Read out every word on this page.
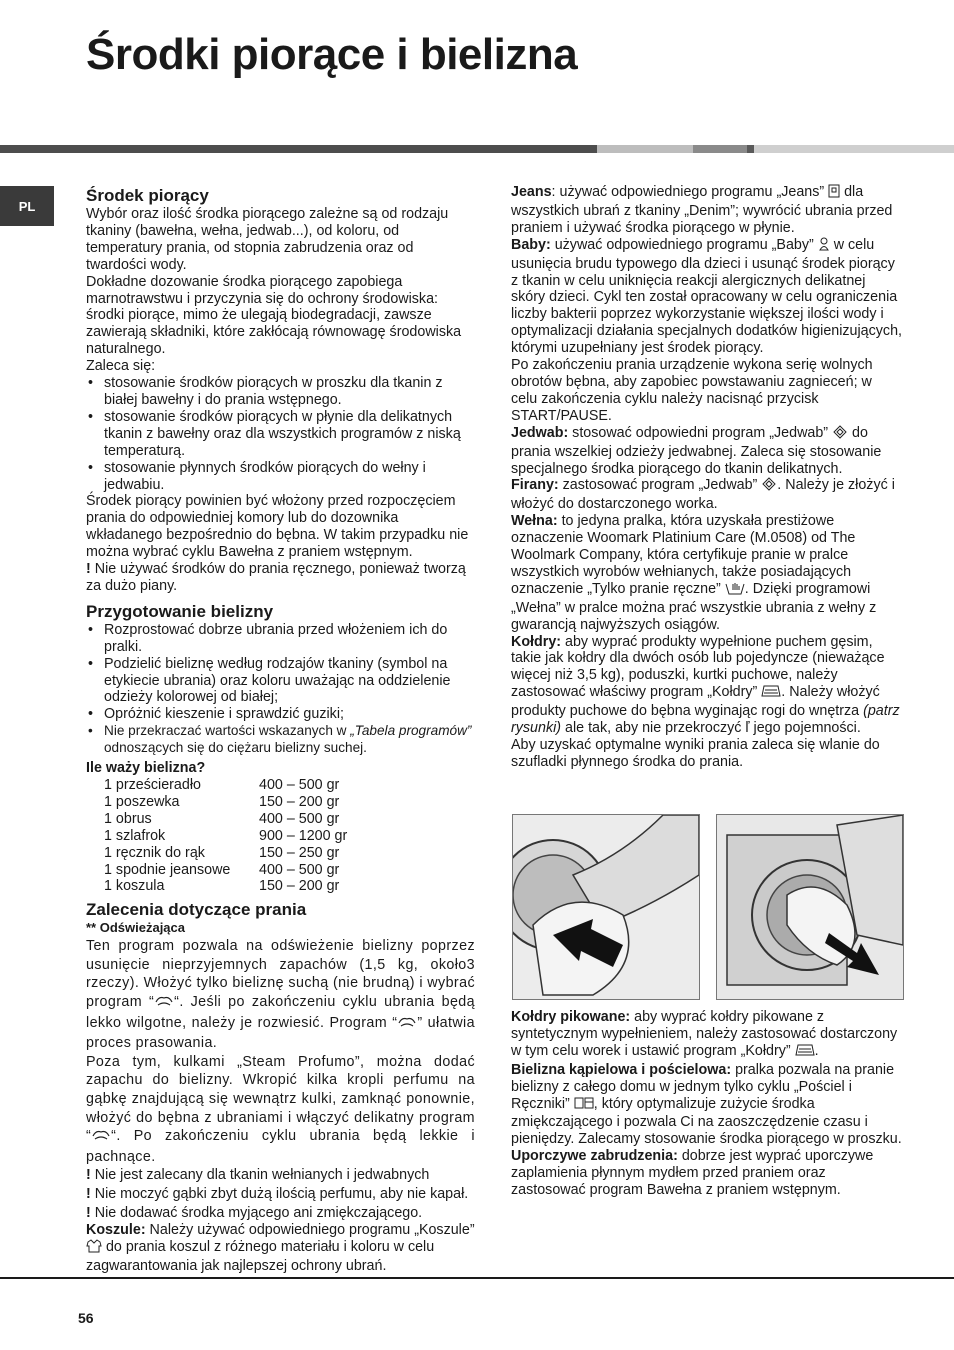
Środki piorące i bielizna
PL
Środek piorący

Wybór oraz ilość środka piorącego zależne są od rodzaju tkaniny (bawełna, wełna, jedwab...), od koloru, od temperatury prania, od stopnia zabrudzenia oraz od twardości wody.

Dokładne dozowanie środka piorącego zapobiega marnotrawstwu i przyczynia się do ochrony środowiska: środki piorące, mimo że ulegają biodegradacji, zawsze zawierają składniki, które zakłócają równowagę środowiska naturalnego.

Zaleca się:

• stosowanie środków piorących w proszku dla tkanin z białej bawełny i do prania wstępnego.

• stosowanie środków piorących w płynie dla delikatnych tkanin z bawełny oraz dla wszystkich programów z niską temperaturą.

• stosowanie płynnych środków piorących do wełny i jedwabiu.

Środek piorący powinien być włożony przed rozpoczęciem prania do odpowiedniej komory lub do dozownika wkładanego bezpośrednio do bębna. W takim przypadku nie można wybrać cyklu Bawełna z praniem wstępnym.

! Nie używać środków do prania ręcznego, ponieważ tworzą za dużo piany.

Przygotowanie bielizny

• Rozprostować dobrze ubrania przed włożeniem ich do pralki.

• Podzielić bieliznę według rodzajów tkaniny (symbol na etykiecie ubrania) oraz koloru uważając na oddzielenie odzieży kolorowej od białej;

• Opróżnić kieszenie i sprawdzić guziki;

• Nie przekraczać wartości wskazanych w „Tabela programów” odnoszących się do ciężaru bielizny suchej.

Ile waży bielizna?

1 prześcieradło	400 – 500 gr
1 poszewka	150 – 200 gr
1 obrus	400 – 500 gr
1 szlafrok	900 – 1200 gr
1 ręcznik do rąk	150 – 250 gr
1 spodnie jeansowe	400 – 500 gr
1 koszula	150 – 200 gr
Zalecenia dotyczące prania

** Odświeżająca

Ten program pozwala na odświeżenie bielizny poprzez usunięcie nieprzyjemnych zapachów (1,5 kg, około3 rzeczy). Włożyć tylko bieliznę suchą (nie brudną) i wybrać program “ “. Jeśli po zakończeniu cyklu ubrania będą lekko wilgotne, należy je rozwiesić. Program “ ” ułatwia proces prasowania.

Poza tym, kulkami „Steam Profumo”, można dodać zapachu do bielizny. Wkropić kilka kropli perfumu na gąbkę znajdującą się wewnątrz kulki, zamknąć ponownie, włożyć do bębna z ubraniami i włączyć delikatny program “ “. Po zakończeniu cyklu ubrania będą lekkie i pachnące.

! Nie jest zalecany dla tkanin wełnianych i jedwabnych

! Nie moczyć gąbki zbyt dużą ilością perfumu, aby nie kapał.

! Nie dodawać środka myjącego ani zmiękczającego.

Koszule: Należy używać odpowiedniego programu „Koszule”  do prania koszul z różnego materiału i koloru w celu zagwarantowania jak najlepszej ochrony ubrań.

Jeans: używać odpowiedniego programu „Jeans”  dla wszystkich ubrań z tkaniny „Denim”; wywrócić ubrania przed praniem i używać środka piorącego w płynie.

Baby: używać odpowiedniego programu „Baby”  w celu usunięcia brudu typowego dla dzieci i usunąć środek piorący z tkanin w celu uniknięcia reakcji alergicznych delikatnej skóry dzieci. Cykl ten został opracowany w celu ograniczenia liczby bakterii poprzez wykorzystanie większej ilości wody i optymalizacji działania specjalnych dodatków higienizujących, którymi uzupełniany jest środek piorący.

Po zakończeniu prania urządzenie wykona serię wolnych obrotów bębna, aby zapobiec powstawaniu zagnieceń; w celu zakończenia cyklu należy nacisnąć przycisk START/PAUSE.

Jedwab: stosować odpowiedni program „Jedwab”  do prania wszelkiej odzieży jedwabnej. Zaleca się stosowanie specjalnego środka piorącego do tkanin delikatnych.

Firany: zastosować program „Jedwab” . Należy je złożyć i włożyć do dostarczonego worka.

Wełna: to jedyna pralka, która uzyskała prestiżowe oznaczenie Woomark Platinium Care (M.0508) od The Woolmark Company, która certyfikuje pranie w pralce wszystkich wyrobów wełnianych, także posiadających oznaczenie „Tylko pranie ręczne” . Dzięki programowi „Wełna” w pralce można prać wszystkie ubrania z wełny z gwarancją najwyższych osiągów.

Kołdry: aby wyprać produkty wypełnione puchem gęsim, takie jak kołdry dla dwóch osób lub pojedyncze (nieważące więcej niż 3,5 kg), poduszki, kurtki puchowe, należy zastosować właściwy program „Kołdry” . Należy włożyć produkty puchowe do bębna wyginając rogi do wnętrza (patrz rysunki) ale tak, aby nie przekroczyć ľ jego pojemności.

Aby uzyskać optymalne wyniki prania zaleca się wlanie do szufladki płynnego środka do prania.

Kołdry pikowane: aby wyprać kołdry pikowane z syntetycznym wypełnieniem, należy zastosować dostarczony w tym celu worek i ustawić program „Kołdry” .

Bielizna kąpielowa i pościelowa: pralka pozwala na pranie bielizny z całego domu w jednym tylko cyklu „Pościel i Ręczniki” , który optymalizuje zużycie środka zmiękczającego i pozwala Ci na zaoszczędzenie czasu i pieniędzy. Zalecamy stosowanie środka piorącego w proszku.

Uporczywe zabrudzenia: dobrze jest wyprać uporczywe zaplamienia płynnym mydłem przed praniem oraz zastosować program Bawełna z praniem wstępnym.

56
